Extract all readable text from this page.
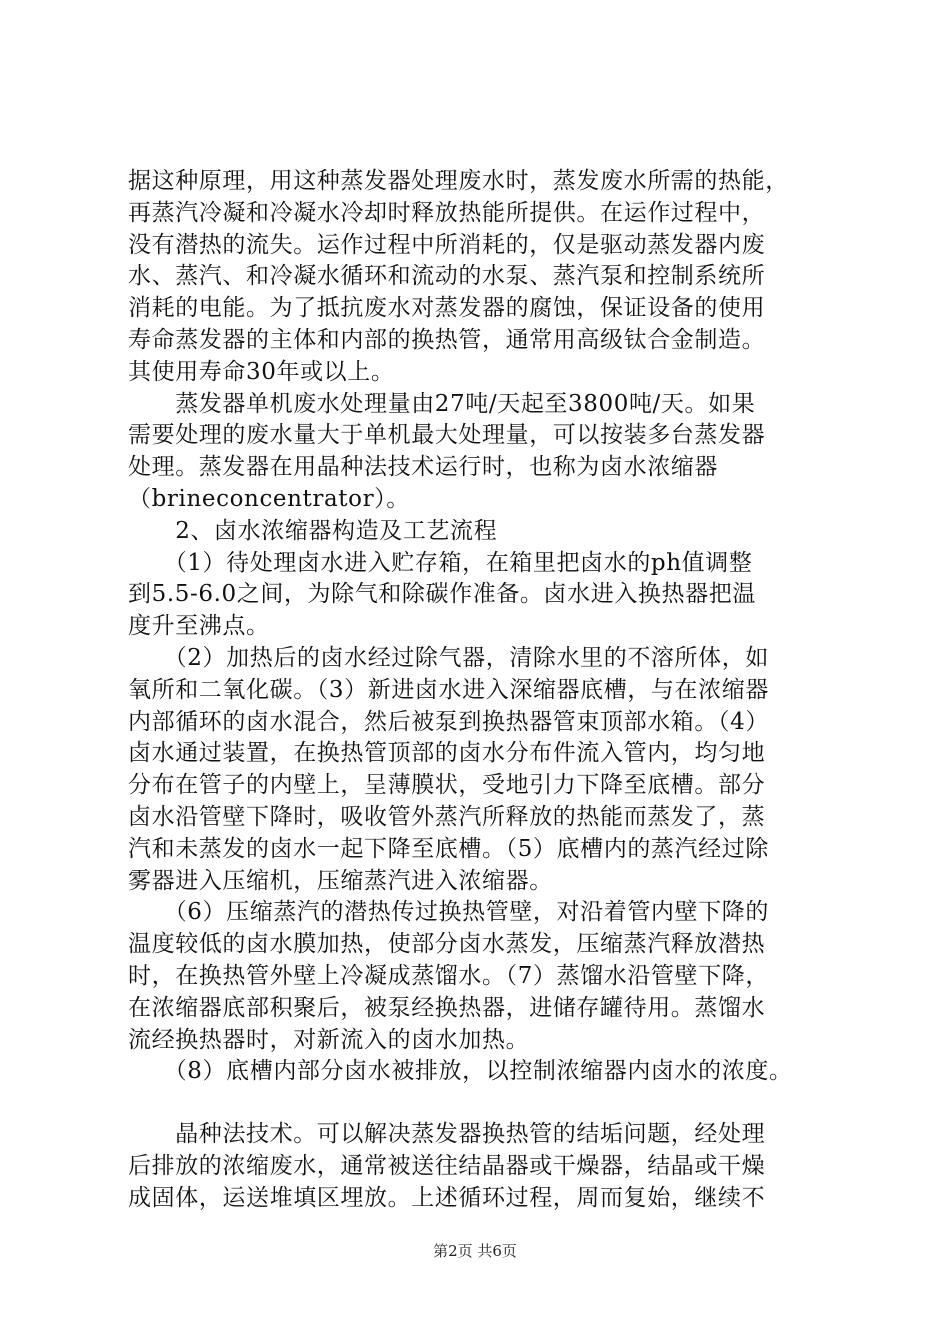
据这种原理，用这种蒸发器处理废水时，蒸发废水所需的热能，
再蒸汽冷凝和冷凝水冷却时释放热能所提供。在运作过程中，
没有潜热的流失。运作过程中所消耗的，仅是驱动蒸发器内废
水、蒸汽、和冷凝水循环和流动的水泵、蒸汽泵和控制系统所
消耗的电能。为了抵抗废水对蒸发器的腐蚀，保证设备的使用
寿命蒸发器的主体和内部的换热管，通常用高级钛合金制造。
其使用寿命30年或以上。

　　蒸发器单机废水处理量由27吨/天起至3800吨/天。如果
需要处理的废水量大于单机最大处理量，可以按装多台蒸发器
处理。蒸发器在用晶种法技术运行时，也称为卤水浓缩器
（brineconcentrator）。

　　2、卤水浓缩器构造及工艺流程

　　（1）待处理卤水进入贮存箱，在箱里把卤水的ph值调整
到5.5-6.0之间，为除气和除碳作准备。卤水进入换热器把温
度升至沸点。

　　（2）加热后的卤水经过除气器，清除水里的不溶所体，如
氧所和二氧化碳。（3）新进卤水进入深缩器底槽，与在浓缩器
内部循环的卤水混合，然后被泵到换热器管束顶部水箱。（4）
卤水通过装置，在换热管顶部的卤水分布件流入管内，均匀地
分布在管子的内壁上，呈薄膜状，受地引力下降至底槽。部分
卤水沿管壁下降时，吸收管外蒸汽所释放的热能而蒸发了，蒸
汽和未蒸发的卤水一起下降至底槽。（5）底槽内的蒸汽经过除
雾器进入压缩机，压缩蒸汽进入浓缩器。

　　（6）压缩蒸汽的潜热传过换热管壁，对沿着管内壁下降的
温度较低的卤水膜加热，使部分卤水蒸发，压缩蒸汽释放潜热
时，在换热管外壁上冷凝成蒸馏水。（7）蒸馏水沿管壁下降，
在浓缩器底部积聚后，被泵经换热器，进储存罐待用。蒸馏水
流经换热器时，对新流入的卤水加热。

　　（8）底槽内部分卤水被排放，以控制浓缩器内卤水的浓度。

　　晶种法技术。可以解决蒸发器换热管的结垢问题，经处理
后排放的浓缩废水，通常被送往结晶器或干燥器，结晶或干燥
成固体，运送堆填区埋放。上述循环过程，周而复始，继续不

第2页 共6页
